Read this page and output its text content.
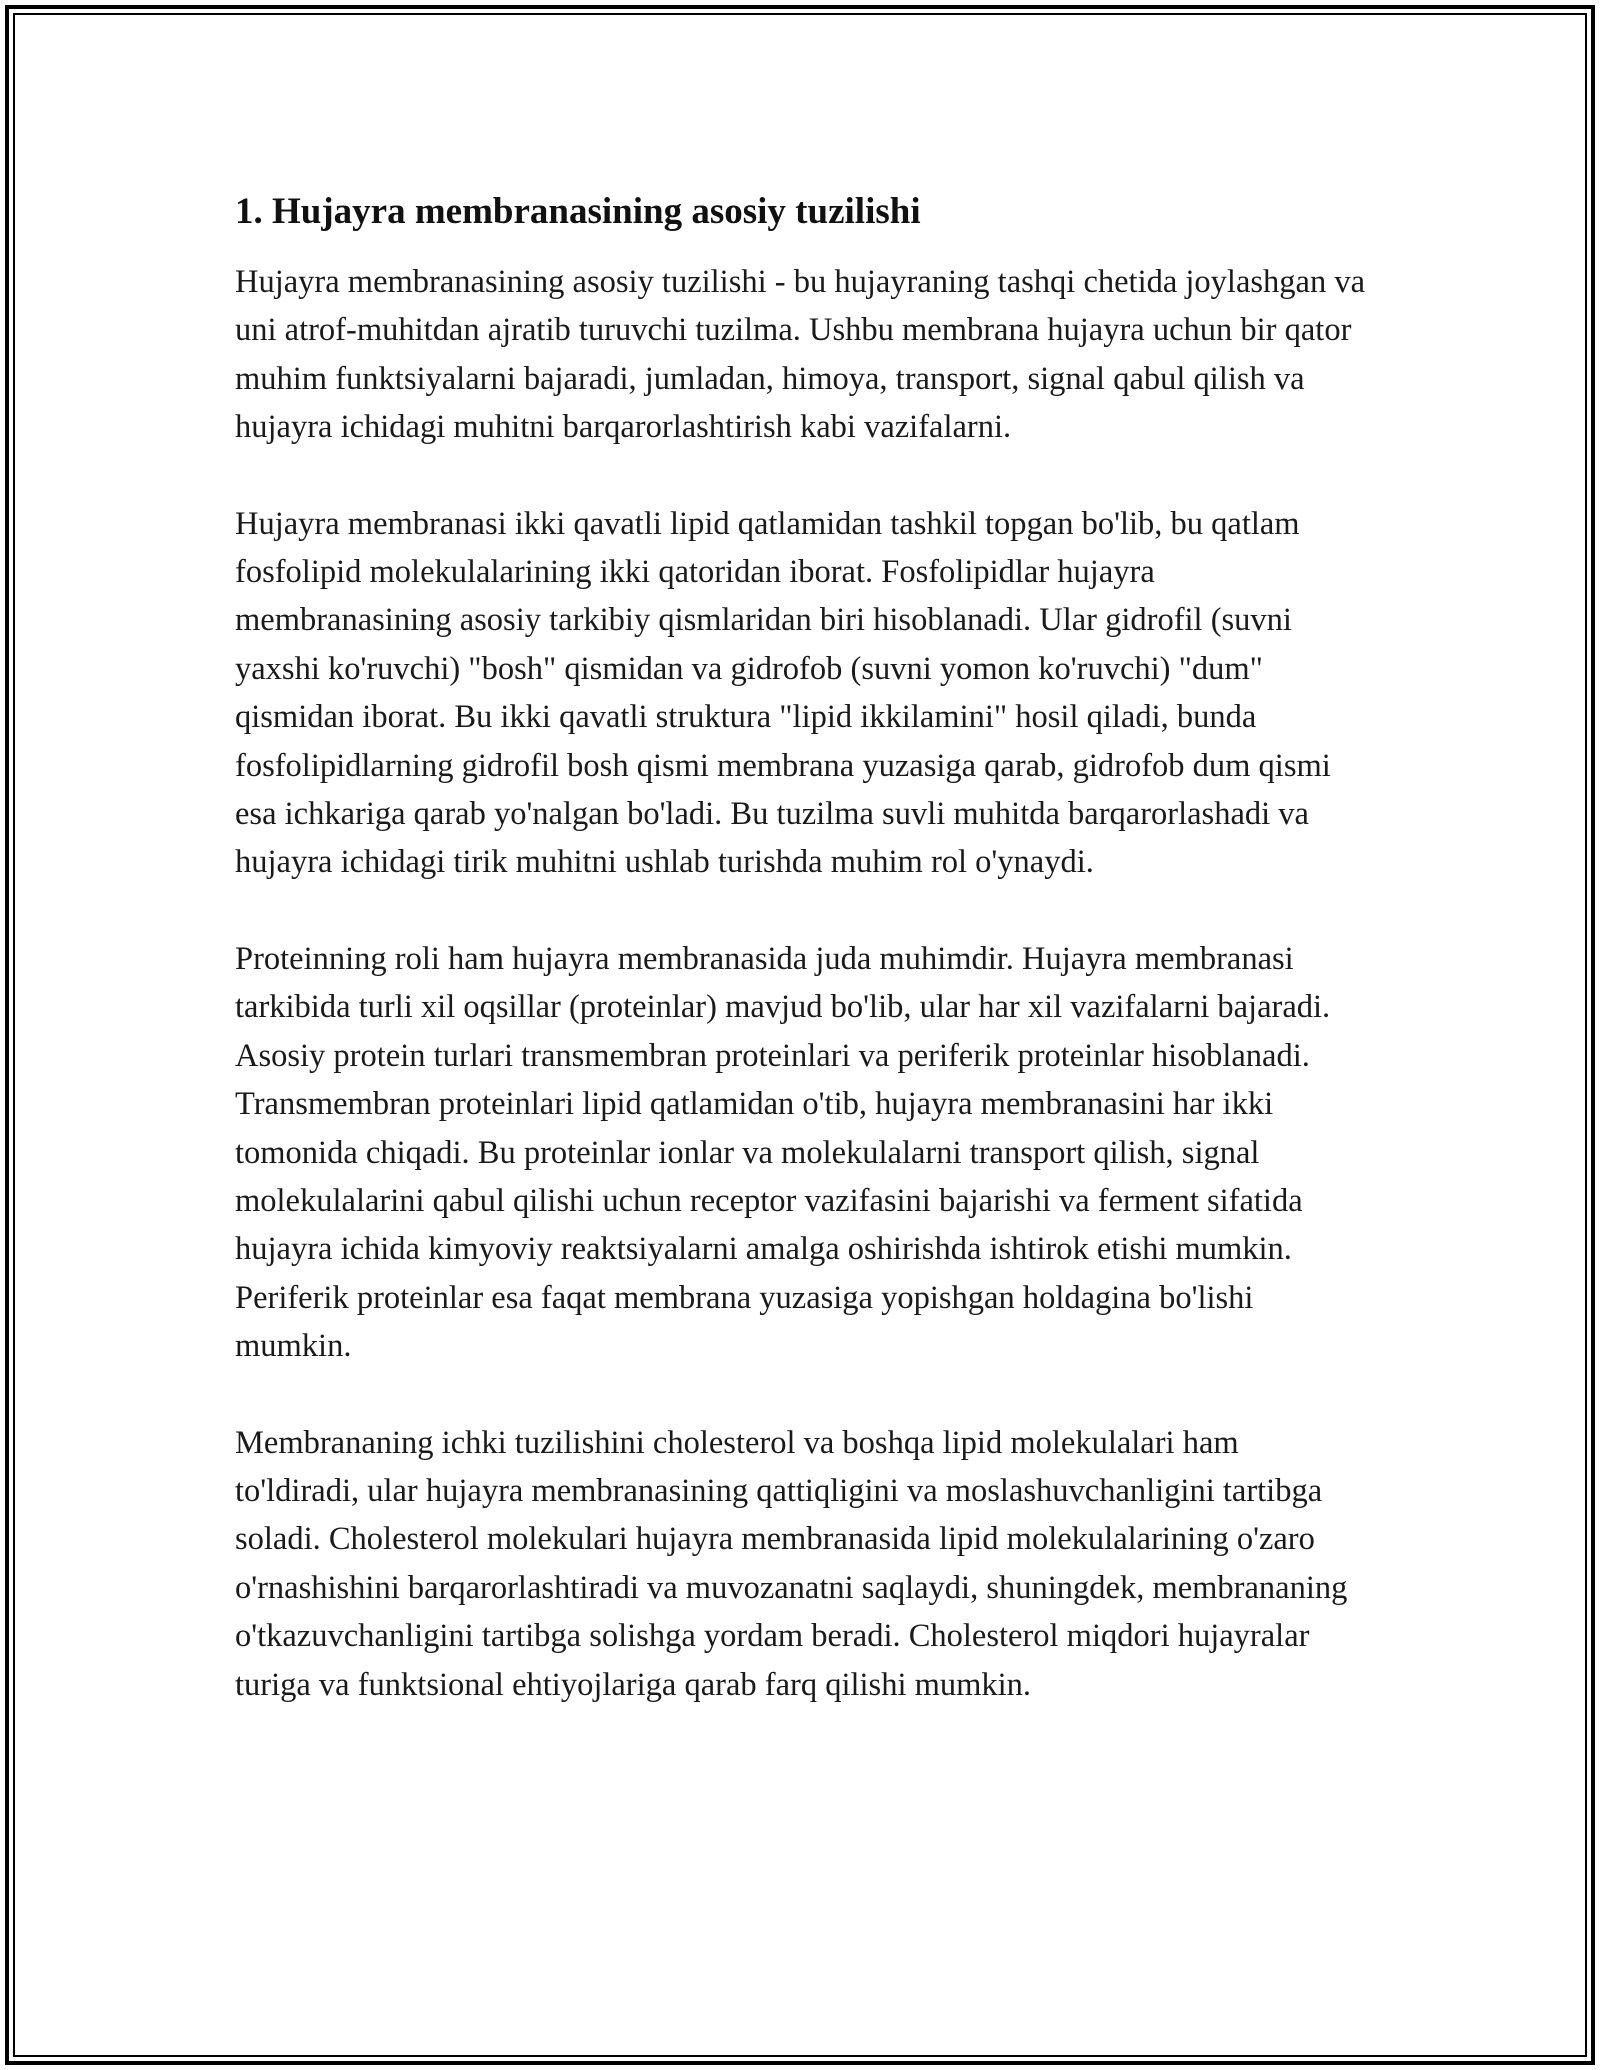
1. Hujayra membranasining asosiy tuzilishi

Hujayra membranasining asosiy tuzilishi - bu hujayraning tashqi chetida joylashgan va uni atrof-muhitdan ajratib turuvchi tuzilma. Ushbu membrana hujayra uchun bir qator muhim funktsiyalarni bajaradi, jumladan, himoya, transport, signal qabul qilish va hujayra ichidagi muhitni barqarorlashtirish kabi vazifalarni.

Hujayra membranasi ikki qavatli lipid qatlamidan tashkil topgan bo'lib, bu qatlam fosfolipid molekulalarining ikki qatoridan iborat. Fosfolipidlar hujayra membranasining asosiy tarkibiy qismlaridan biri hisoblanadi. Ular gidrofil (suvni yaxshi ko'ruvchi) "bosh" qismidan va gidrofob (suvni yomon ko'ruvchi) "dum" qismidan iborat. Bu ikki qavatli struktura "lipid ikkilamini" hosil qiladi, bunda fosfolipidlarning gidrofil bosh qismi membrana yuzasiga qarab, gidrofob dum qismi esa ichkariga qarab yo'nalgan bo'ladi. Bu tuzilma suvli muhitda barqarorlashadi va hujayra ichidagi tirik muhitni ushlab turishda muhim rol o'ynaydi.

Proteinning roli ham hujayra membranasida juda muhimdir. Hujayra membranasi tarkibida turli xil oqsillar (proteinlar) mavjud bo'lib, ular har xil vazifalarni bajaradi. Asosiy protein turlari transmembran proteinlari va periferik proteinlar hisoblanadi. Transmembran proteinlari lipid qatlamidan o'tib, hujayra membranasini har ikki tomonida chiqadi. Bu proteinlar ionlar va molekulalarni transport qilish, signal molekulalarini qabul qilishi uchun receptor vazifasini bajarishi va ferment sifatida hujayra ichida kimyoviy reaktsiyalarni amalga oshirishda ishtirok etishi mumkin. Periferik proteinlar esa faqat membrana yuzasiga yopishgan holdagina bo'lishi mumkin.

Membrananing ichki tuzilishini cholesterol va boshqa lipid molekulalari ham to'ldiradi, ular hujayra membranasining qattiqligini va moslashuvchanligini tartibga soladi. Cholesterol molekulari hujayra membranasida lipid molekulalarining o'zaro o'rnashishini barqarorlashtiradi va muvozanatni saqlaydi, shuningdek, membrananing o'tkazuvchanligini tartibga solishga yordam beradi. Cholesterol miqdori hujayralar turiga va funktsional ehtiyojlariga qarab farq qilishi mumkin.
